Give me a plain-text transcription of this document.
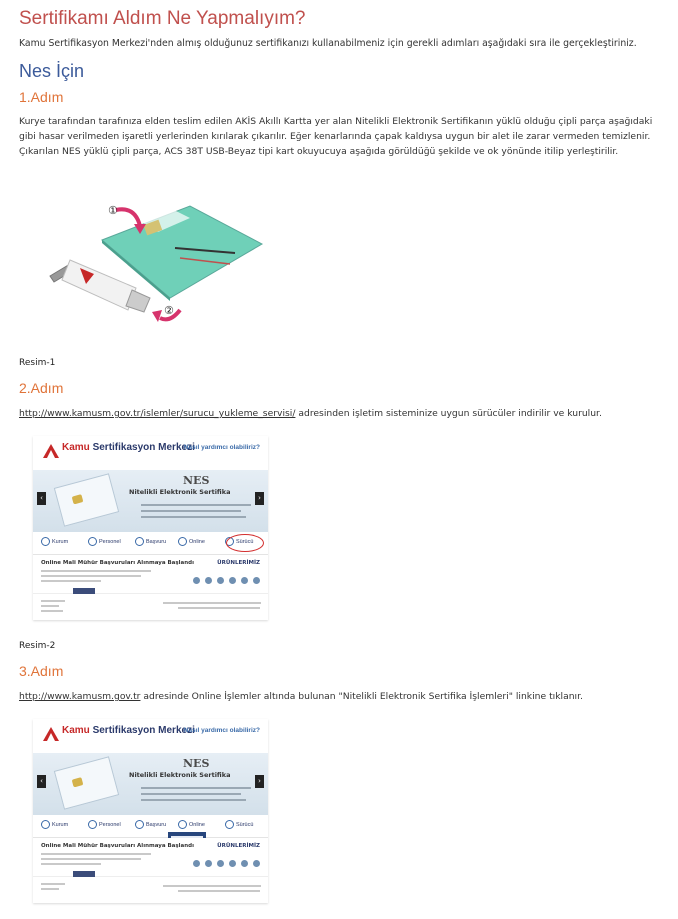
Sertifikamı Aldım Ne Yapmalıyım?
Kamu Sertifikasyon Merkezi'nden almış olduğunuz sertifikanızı kullanabilmeniz için gerekli adımları aşağıdaki sıra ile gerçekleştiriniz.
Nes İçin
1.Adım
Kurye tarafından tarafınıza elden teslim edilen AKİS Akıllı Kartta yer alan Nitelikli Elektronik Sertifikanın yüklü olduğu çipli parça aşağıdaki gibi hasar verilmeden işaretli yerlerinden kırılarak çıkarılır. Eğer kenarlarında çapak kaldıysa uygun bir alet ile zarar vermeden temizlenir. Çıkarılan NES yüklü çipli parça, ACS 38T USB-Beyaz tipi kart okuyucuya aşağıda görüldüğü şekilde ve ok yönünde itilip yerleştirilir.
①
②
Resim-1
2.Adım
http://www.kamusm.gov.tr/islemler/surucu_yukleme_servisi/ adresinden işletim sisteminize uygun sürücüler indirilir ve kurulur.
Kamu Sertifikasyon Merkezi
Nasıl yardımcı olabiliriz?
NES
Nitelikli Elektronik Sertifika
‹	›
Kurum	Personel	Başvuru	Online	Sürücü
Online Mali Mühür Başvuruları Alınmaya Başlandı	ÜRÜNLERİMİZ
Resim-2
3.Adım
http://www.kamusm.gov.tr adresinde Online İşlemler altında bulunan "Nitelikli Elektronik Sertifika İşlemleri" linkine tıklanır.
Kamu Sertifikasyon Merkezi
Nasıl yardımcı olabiliriz?
NES
Nitelikli Elektronik Sertifika
‹	›
Kurum	Personel	Başvuru	Online	Sürücü
Online Mali Mühür Başvuruları Alınmaya Başlandı	ÜRÜNLERİMİZ
